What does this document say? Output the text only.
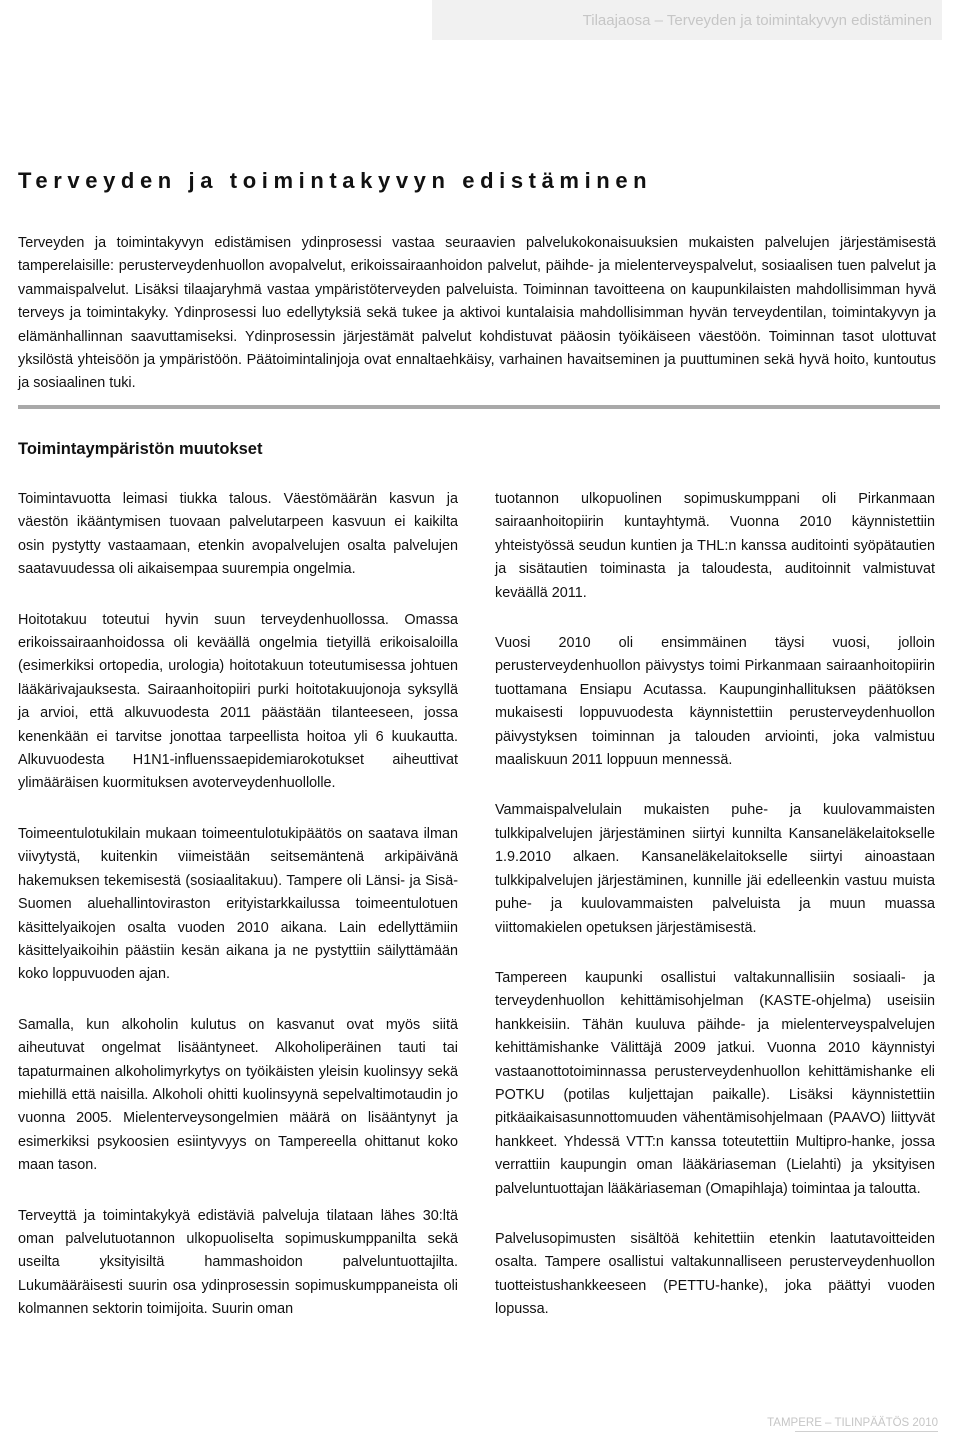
Tilaajaosa – Terveyden ja toimintakyvyn edistäminen
Terveyden ja toimintakyvyn edistäminen

Terveyden ja toimintakyvyn edistämisen ydinprosessi vastaa seuraavien palvelukokonaisuuksien mukaisten palvelujen järjestämisestä tamperelaisille: perusterveydenhuollon avopalvelut, erikoissairaanhoidon palvelut, päihde- ja mielenterveyspalvelut, sosiaalisen tuen palvelut ja vammaispalvelut. Lisäksi tilaajaryhmä vastaa ympäristöterveyden palveluista. Toiminnan tavoitteena on kaupunkilaisten mahdollisimman hyvä terveys ja toimintakyky. Ydinprosessi luo edellytyksiä sekä tukee ja aktivoi kuntalaisia mahdollisimman hyvän terveydentilan, toimintakyvyn ja elämänhallinnan saavuttamiseksi. Ydinprosessin järjestämät palvelut kohdistuvat pääosin työikäiseen väestöön. Toiminnan tasot ulottuvat yksilöstä yhteisöön ja ympäristöön. Päätoimintalinjoja ovat ennaltaehkäisy, varhainen havaitseminen ja puuttuminen sekä hyvä hoito, kuntoutus ja sosiaalinen tuki.

Toimintaympäristön muutokset

Toimintavuotta leimasi tiukka talous. Väestömäärän kasvun ja väestön ikääntymisen tuovaan palvelutarpeen kasvuun ei kaikilta osin pystytty vastaamaan, etenkin avopalvelujen osalta palvelujen saatavuudessa oli aikaisempaa suurempia ongelmia.

Hoitotakuu toteutui hyvin suun terveydenhuollossa. Omassa erikoissairaanhoidossa oli keväällä ongelmia tietyillä erikoisaloilla (esimerkiksi ortopedia, urologia) hoitotakuun toteutumisessa johtuen lääkärivajauksesta. Sairaanhoitopiiri purki hoitotakuujonoja syksyllä ja arvioi, että alkuvuodesta 2011 päästään tilanteeseen, jossa kenenkään ei tarvitse jonottaa tarpeellista hoitoa yli 6 kuukautta. Alkuvuodesta H1N1-influenssaepidemiarokotukset aiheuttivat ylimääräisen kuormituksen avoterveydenhuollolle.

Toimeentulotukilain mukaan toimeentulotukipäätös on saatava ilman viivytystä, kuitenkin viimeistään seitsemäntenä arkipäivänä hakemuksen tekemisestä (sosiaalitakuu). Tampere oli Länsi- ja Sisä-Suomen aluehallintoviraston erityistarkkailussa toimeentulotuen käsittelyaikojen osalta vuoden 2010 aikana. Lain edellyttämiin käsittelyaikoihin päästiin kesän aikana ja ne pystyttiin säilyttämään koko loppuvuoden ajan.

Samalla, kun alkoholin kulutus on kasvanut ovat myös siitä aiheutuvat ongelmat lisääntyneet. Alkoholiperäinen tauti tai tapaturmainen alkoholimyrkytys on työikäisten yleisin kuolinsyy sekä miehillä että naisilla. Alkoholi ohitti kuolinsyynä sepelvaltimotaudin jo vuonna 2005. Mielenterveysongelmien määrä on lisääntynyt ja esimerkiksi psykoosien esiintyvyys on Tampereella ohittanut koko maan tason.

Terveyttä ja toimintakykyä edistäviä palveluja tilataan lähes 30:ltä oman palvelutuotannon ulkopuoliselta sopimuskumppanilta sekä useilta yksityisiltä hammashoidon palveluntuottajilta. Lukumääräisesti suurin osa ydinprosessin sopimuskumppaneista oli kolmannen sektorin toimijoita. Suurin oman

tuotannon ulkopuolinen sopimuskumppani oli Pirkanmaan sairaanhoitopiirin kuntayhtymä. Vuonna 2010 käynnistettiin yhteistyössä seudun kuntien ja THL:n kanssa auditointi syöpätautien ja sisätautien toiminasta ja taloudesta, auditoinnit valmistuvat keväällä 2011.

Vuosi 2010 oli ensimmäinen täysi vuosi, jolloin perusterveydenhuollon päivystys toimi Pirkanmaan sairaanhoitopiirin tuottamana Ensiapu Acutassa. Kaupunginhallituksen päätöksen mukaisesti loppuvuodesta käynnistettiin perusterveydenhuollon päivystyksen toiminnan ja talouden arviointi, joka valmistuu maaliskuun 2011 loppuun mennessä.

Vammaispalvelulain mukaisten puhe- ja kuulovammaisten tulkkipalvelujen järjestäminen siirtyi kunnilta Kansaneläkelaitokselle 1.9.2010 alkaen. Kansaneläkelaitokselle siirtyi ainoastaan tulkkipalvelujen järjestäminen, kunnille jäi edelleenkin vastuu muista puhe- ja kuulovammaisten palveluista ja muun muassa viittomakielen opetuksen järjestämisestä.

Tampereen kaupunki osallistui valtakunnallisiin sosiaali- ja terveydenhuollon kehittämisohjelman (KASTE-ohjelma) useisiin hankkeisiin. Tähän kuuluva päihde- ja mielenterveyspalvelujen kehittämishanke Välittäjä 2009 jatkui. Vuonna 2010 käynnistyi vastaanottotoiminnassa perusterveydenhuollon kehittämishanke eli POTKU (potilas kuljettajan paikalle). Lisäksi käynnistettiin pitkäaikaisasunnottomuuden vähentämisohjelmaan (PAAVO) liittyvät hankkeet. Yhdessä VTT:n kanssa toteutettiin Multipro-hanke, jossa verrattiin kaupungin oman lääkäriaseman (Lielahti) ja yksityisen palveluntuottajan lääkäriaseman (Omapihlaja) toimintaa ja taloutta.

Palvelusopimusten sisältöä kehitettiin etenkin laatutavoitteiden osalta. Tampere osallistui valtakunnalliseen perusterveydenhuollon tuotteistushankkeeseen (PETTU-hanke), joka päättyi vuoden lopussa.

TAMPERE – TILINPÄÄTÖS 2010
